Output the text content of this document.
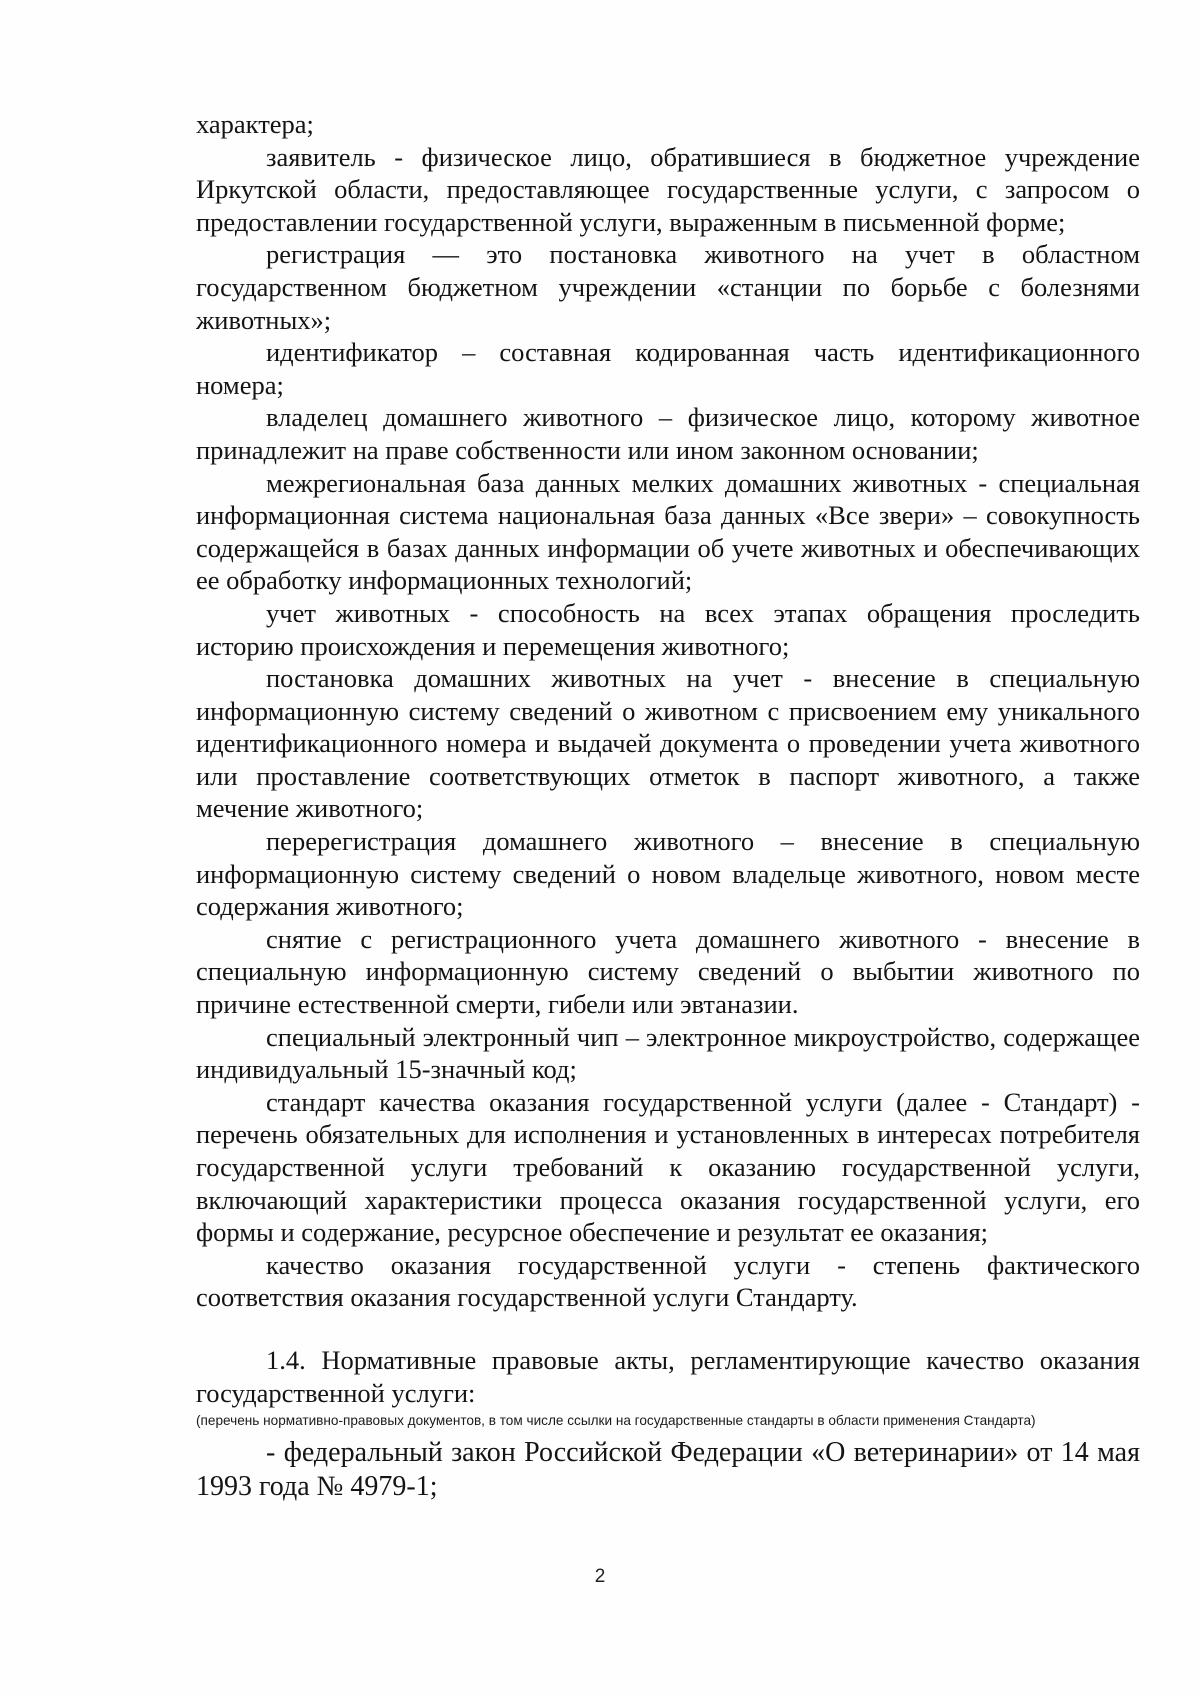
характера;

заявитель - физическое лицо, обратившиеся в бюджетное учреждение Иркутской области, предоставляющее государственные услуги, с запросом о предоставлении государственной услуги, выраженным в письменной форме;

регистрация — это постановка животного на учет в областном государственном бюджетном учреждении «станции по борьбе с болезнями животных»;

идентификатор – составная кодированная часть идентификационного номера;

владелец домашнего животного – физическое лицо, которому животное принадлежит на праве собственности или ином законном основании;

межрегиональная база данных мелких домашних животных - специальная информационная система национальная база данных «Все звери» – совокупность содержащейся в базах данных информации об учете животных и обеспечивающих ее обработку информационных технологий;

учет животных - способность на всех этапах обращения проследить историю происхождения и перемещения животного;

постановка домашних животных на учет - внесение в специальную информационную систему сведений о животном с присвоением ему уникального идентификационного номера и выдачей документа о проведении учета животного или проставление соответствующих отметок в паспорт животного, а также мечение животного;

перерегистрация домашнего животного – внесение в специальную информационную систему сведений о новом владельце животного, новом месте содержания животного;

снятие с регистрационного учета домашнего животного - внесение в специальную информационную систему сведений о выбытии животного по причине естественной смерти, гибели или эвтаназии.

специальный электронный чип – электронное микроустройство, содержащее индивидуальный 15-значный код;

стандарт качества оказания государственной услуги (далее - Стандарт) - перечень обязательных для исполнения и установленных в интересах потребителя государственной услуги требований к оказанию государственной услуги, включающий характеристики процесса оказания государственной услуги, его формы и содержание, ресурсное обеспечение и результат ее оказания;

качество оказания государственной услуги - степень фактического соответствия оказания государственной услуги Стандарту.

1.4. Нормативные правовые акты, регламентирующие качество оказания государственной услуги:

(перечень нормативно-правовых документов, в том числе ссылки на государственные стандарты в области применения Стандарта)

- федеральный закон Российской Федерации «О ветеринарии» от 14 мая 1993 года № 4979-1;

2
